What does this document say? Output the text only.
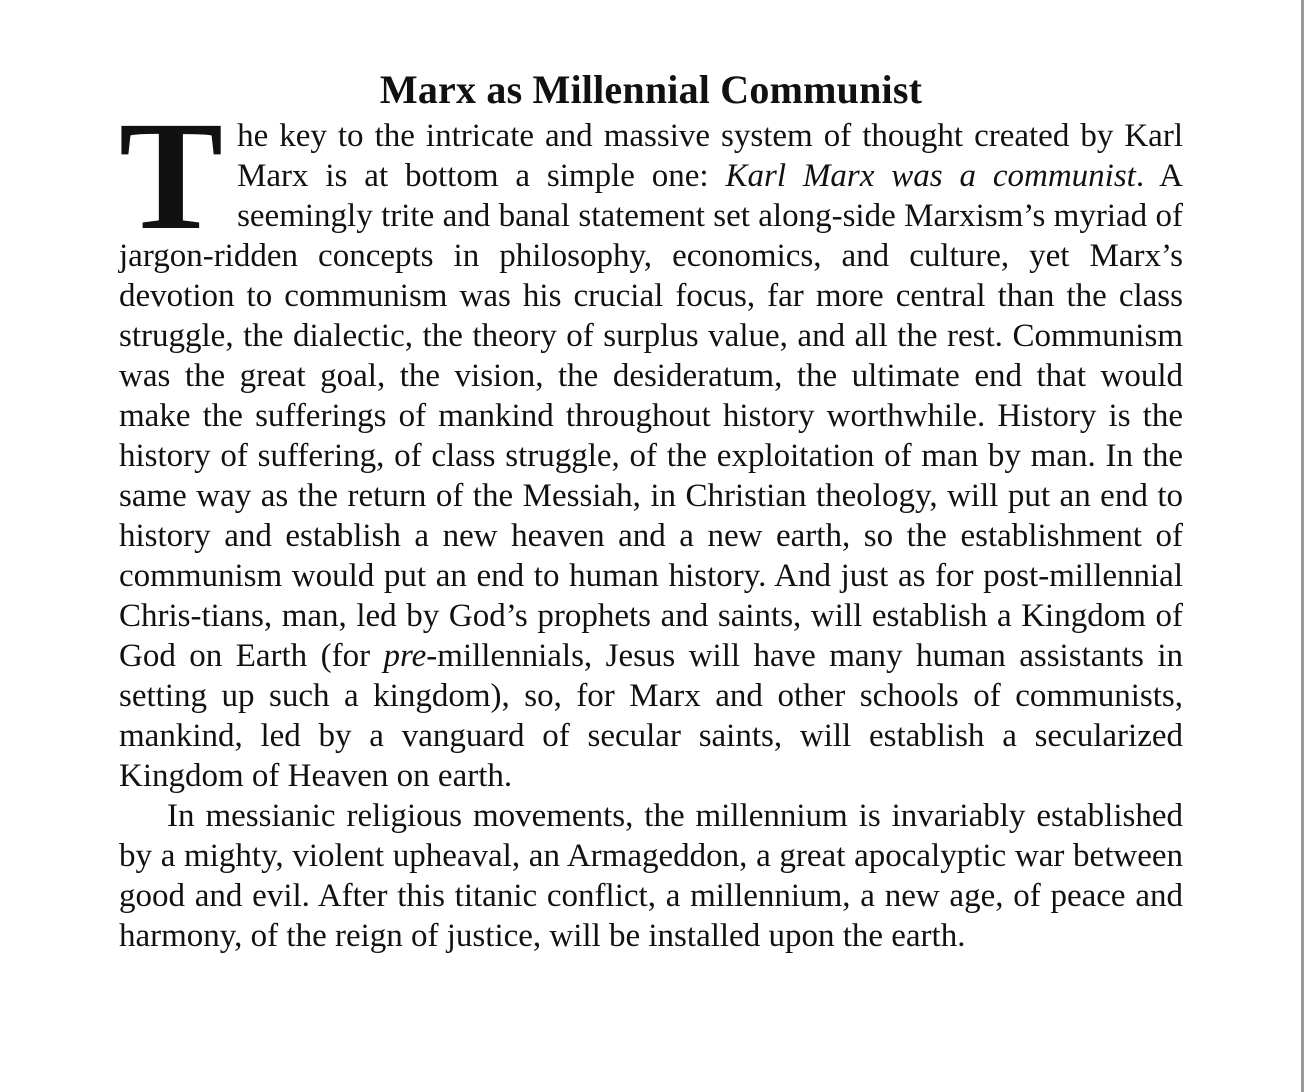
Marx as Millennial Communist

The key to the intricate and massive system of thought created by Karl Marx is at bottom a simple one: Karl Marx was a communist. A seemingly trite and banal statement set along-side Marxism’s myriad of jargon-ridden concepts in philosophy, economics, and culture, yet Marx’s devotion to communism was his crucial focus, far more central than the class struggle, the dialectic, the theory of surplus value, and all the rest. Communism was the great goal, the vision, the desideratum, the ultimate end that would make the sufferings of mankind throughout history worthwhile. History is the history of suffering, of class struggle, of the exploitation of man by man. In the same way as the return of the Messiah, in Christian theology, will put an end to history and establish a new heaven and a new earth, so the establishment of communism would put an end to human history. And just as for post-millennial Chris-tians, man, led by God’s prophets and saints, will establish a Kingdom of God on Earth (for pre-millennials, Jesus will have many human assistants in setting up such a kingdom), so, for Marx and other schools of communists, mankind, led by a vanguard of secular saints, will establish a secularized Kingdom of Heaven on earth.

In messianic religious movements, the millennium is invariably established by a mighty, violent upheaval, an Armageddon, a great apocalyptic war between good and evil. After this titanic conflict, a millennium, a new age, of peace and harmony, of the reign of justice, will be installed upon the earth.
